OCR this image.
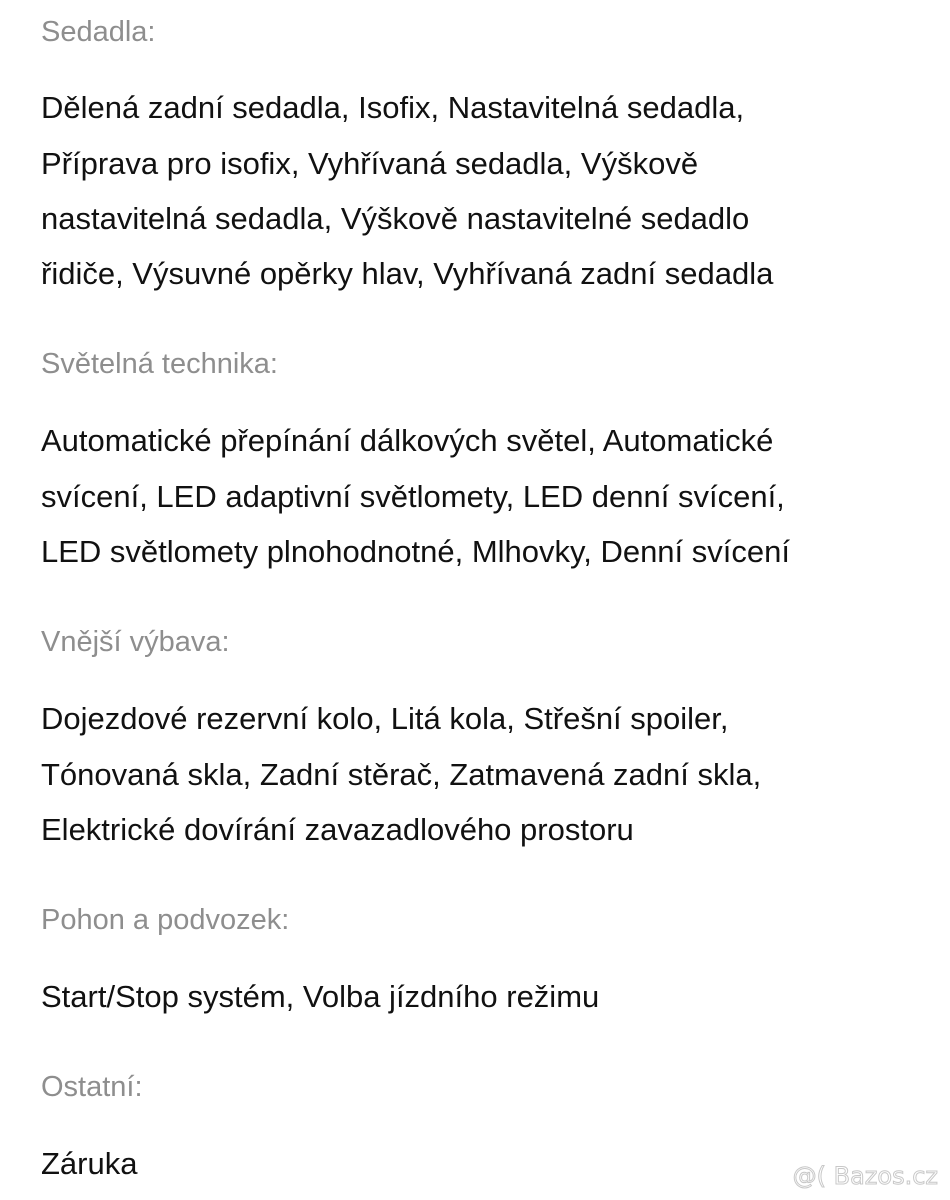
Sedadla:

Dělená zadní sedadla, Isofix, Nastavitelná sedadla,

Příprava pro isofix, Vyhřívaná sedadla, Výškově

nastavitelná sedadla, Výškově nastavitelné sedadlo

řidiče, Výsuvné opěrky hlav, Vyhřívaná zadní sedadla

Světelná technika:

Automatické přepínání dálkových světel, Automatické

svícení, LED adaptivní světlomety, LED denní svícení,

LED světlomety plnohodnotné, Mlhovky, Denní svícení

Vnější výbava:

Dojezdové rezervní kolo, Litá kola, Střešní spoiler,

Tónovaná skla, Zadní stěrač, Zatmavená zadní skla,

Elektrické dovírání zavazadlového prostoru

Pohon a podvozek:

Start/Stop systém, Volba jízdního režimu

Ostatní:

Záruka	@( Bazos.cz
